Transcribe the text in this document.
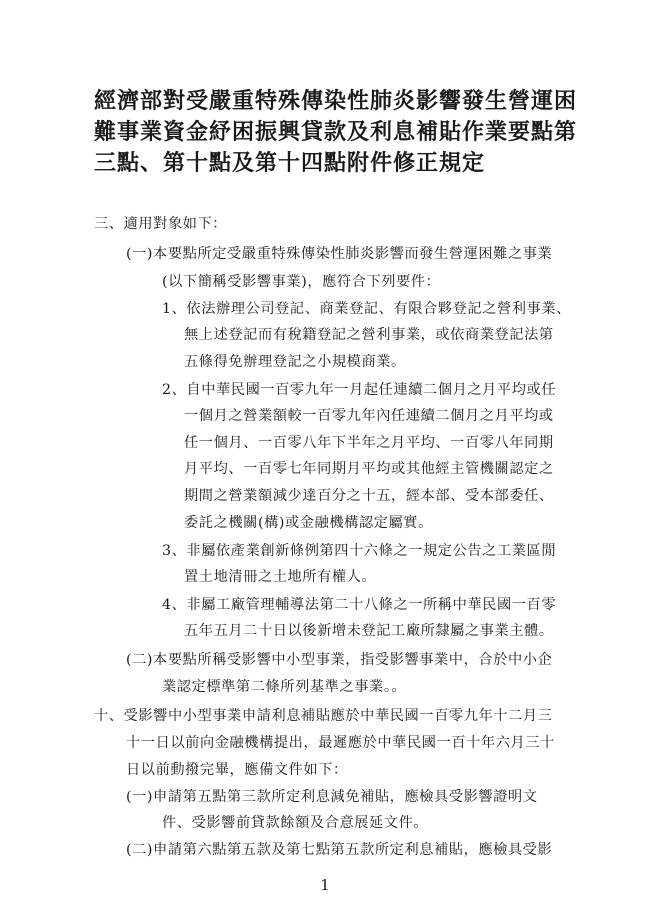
經濟部對受嚴重特殊傳染性肺炎影響發生營運困
難事業資金紓困振興貸款及利息補貼作業要點第
三點、第十點及第十四點附件修正規定
三、適用對象如下：
(一)本要點所定受嚴重特殊傳染性肺炎影響而發生營運困難之事業
(以下簡稱受影響事業)，應符合下列要件：
1、依法辦理公司登記、商業登記、有限合夥登記之營利事業、
無上述登記而有稅籍登記之營利事業，或依商業登記法第
五條得免辦理登記之小規模商業。
2、自中華民國一百零九年一月起任連續二個月之月平均或任
一個月之營業額較一百零九年內任連續二個月之月平均或
任一個月、一百零八年下半年之月平均、一百零八年同期
月平均、一百零七年同期月平均或其他經主管機關認定之
期間之營業額減少達百分之十五，經本部、受本部委任、
委託之機關(構)或金融機構認定屬實。
3、非屬依產業創新條例第四十六條之一規定公告之工業區閒
置土地清冊之土地所有權人。
4、非屬工廠管理輔導法第二十八條之一所稱中華民國一百零
五年五月二十日以後新增未登記工廠所隸屬之事業主體。
(二)本要點所稱受影響中小型事業，指受影響事業中，合於中小企
業認定標準第二條所列基準之事業。。
十、受影響中小型事業申請利息補貼應於中華民國一百零九年十二月三
十一日以前向金融機構提出，最遲應於中華民國一百十年六月三十
日以前動撥完畢，應備文件如下：
(一)申請第五點第三款所定利息減免補貼，應檢具受影響證明文
件、受影響前貸款餘額及合意展延文件。
(二)申請第六點第五款及第七點第五款所定利息補貼，應檢具受影
1
